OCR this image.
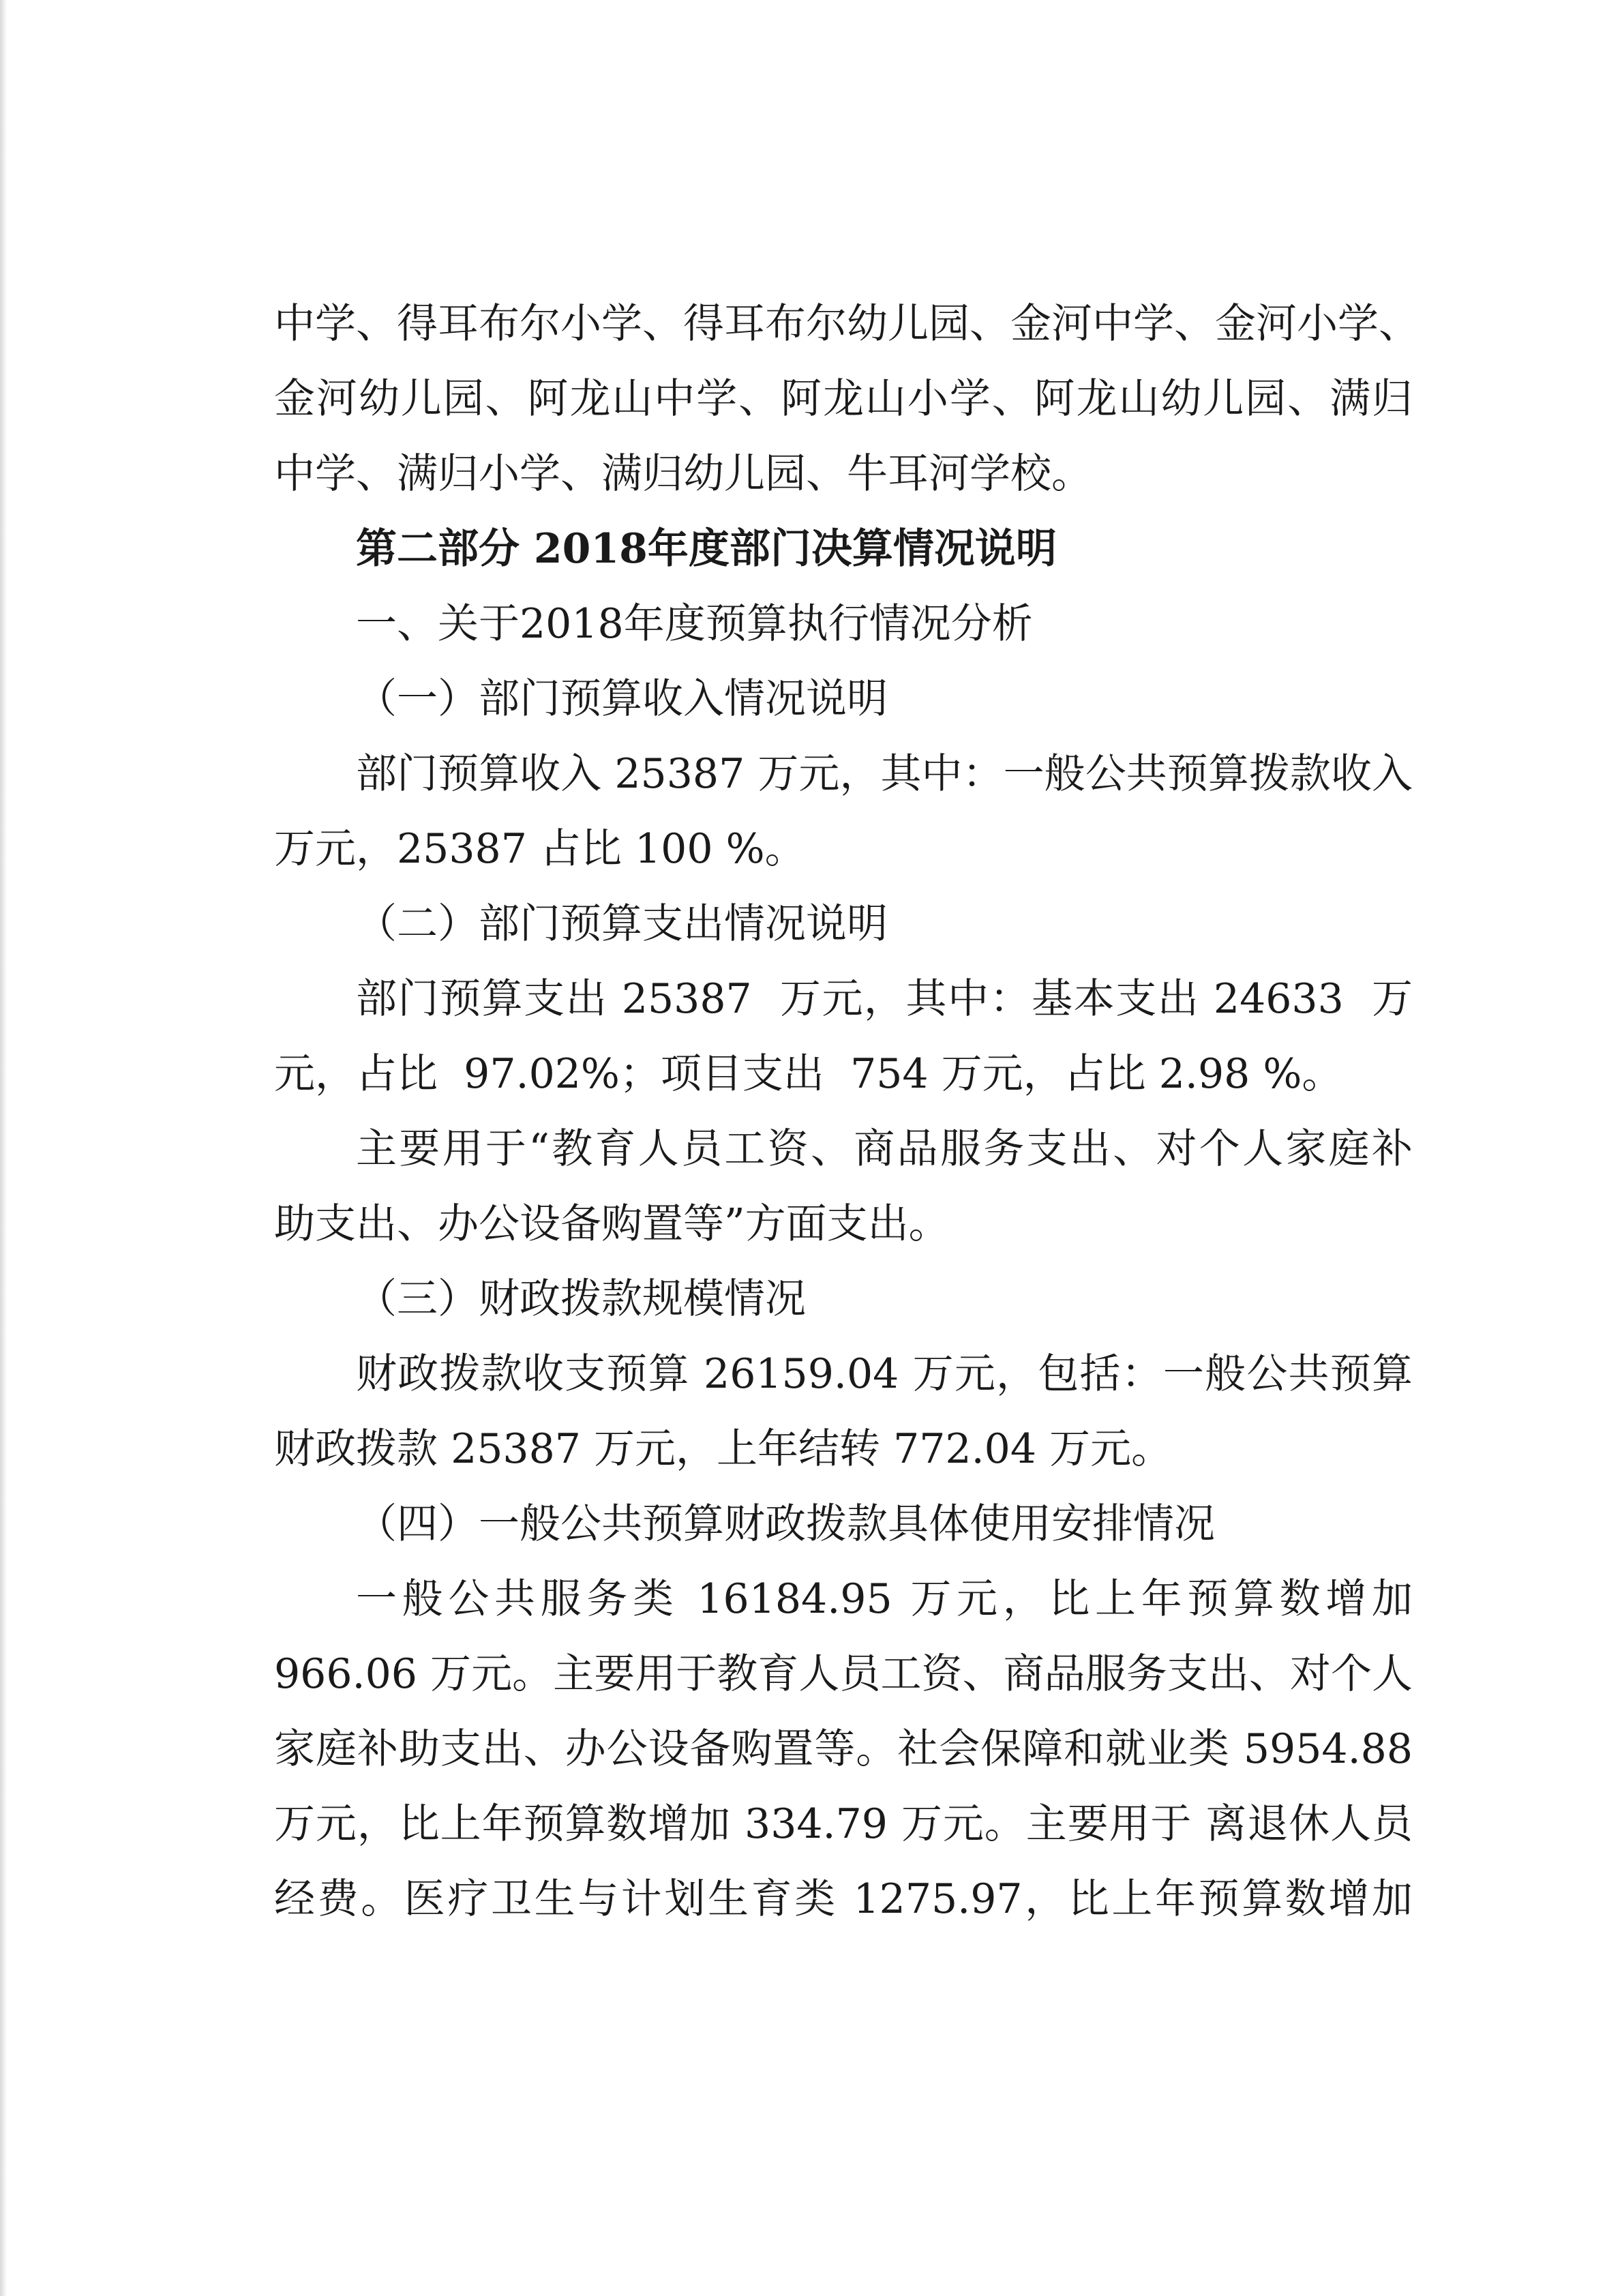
中学、得耳布尔小学、得耳布尔幼儿园、金河中学、金河小学、
金河幼儿园、阿龙山中学、阿龙山小学、阿龙山幼儿园、满归
中学、满归小学、满归幼儿园、牛耳河学校。
第二部分 2018年度部门决算情况说明
一、关于2018年度预算执行情况分析
（一）部门预算收入情况说明
部门预算收入 25387 万元，其中：一般公共预算拨款收入
万元，25387 占比 100 %。
（二）部门预算支出情况说明
部门预算支出 25387  万元，其中：基本支出 24633  万
元，占比  97.02%；项目支出  754 万元，占比 2.98 %。
主要用于“教育人员工资、商品服务支出、对个人家庭补
助支出、办公设备购置等”方面支出。
（三）财政拨款规模情况
财政拨款收支预算 26159.04 万元，包括：一般公共预算
财政拨款 25387 万元，上年结转 772.04 万元。
（四）一般公共预算财政拨款具体使用安排情况
一般公共服务类 16184.95 万元，比上年预算数增加
966.06 万元。主要用于教育人员工资、商品服务支出、对个人
家庭补助支出、办公设备购置等。社会保障和就业类 5954.88
万元，比上年预算数增加 334.79 万元。主要用于 离退休人员
经费。医疗卫生与计划生育类 1275.97，比上年预算数增加
